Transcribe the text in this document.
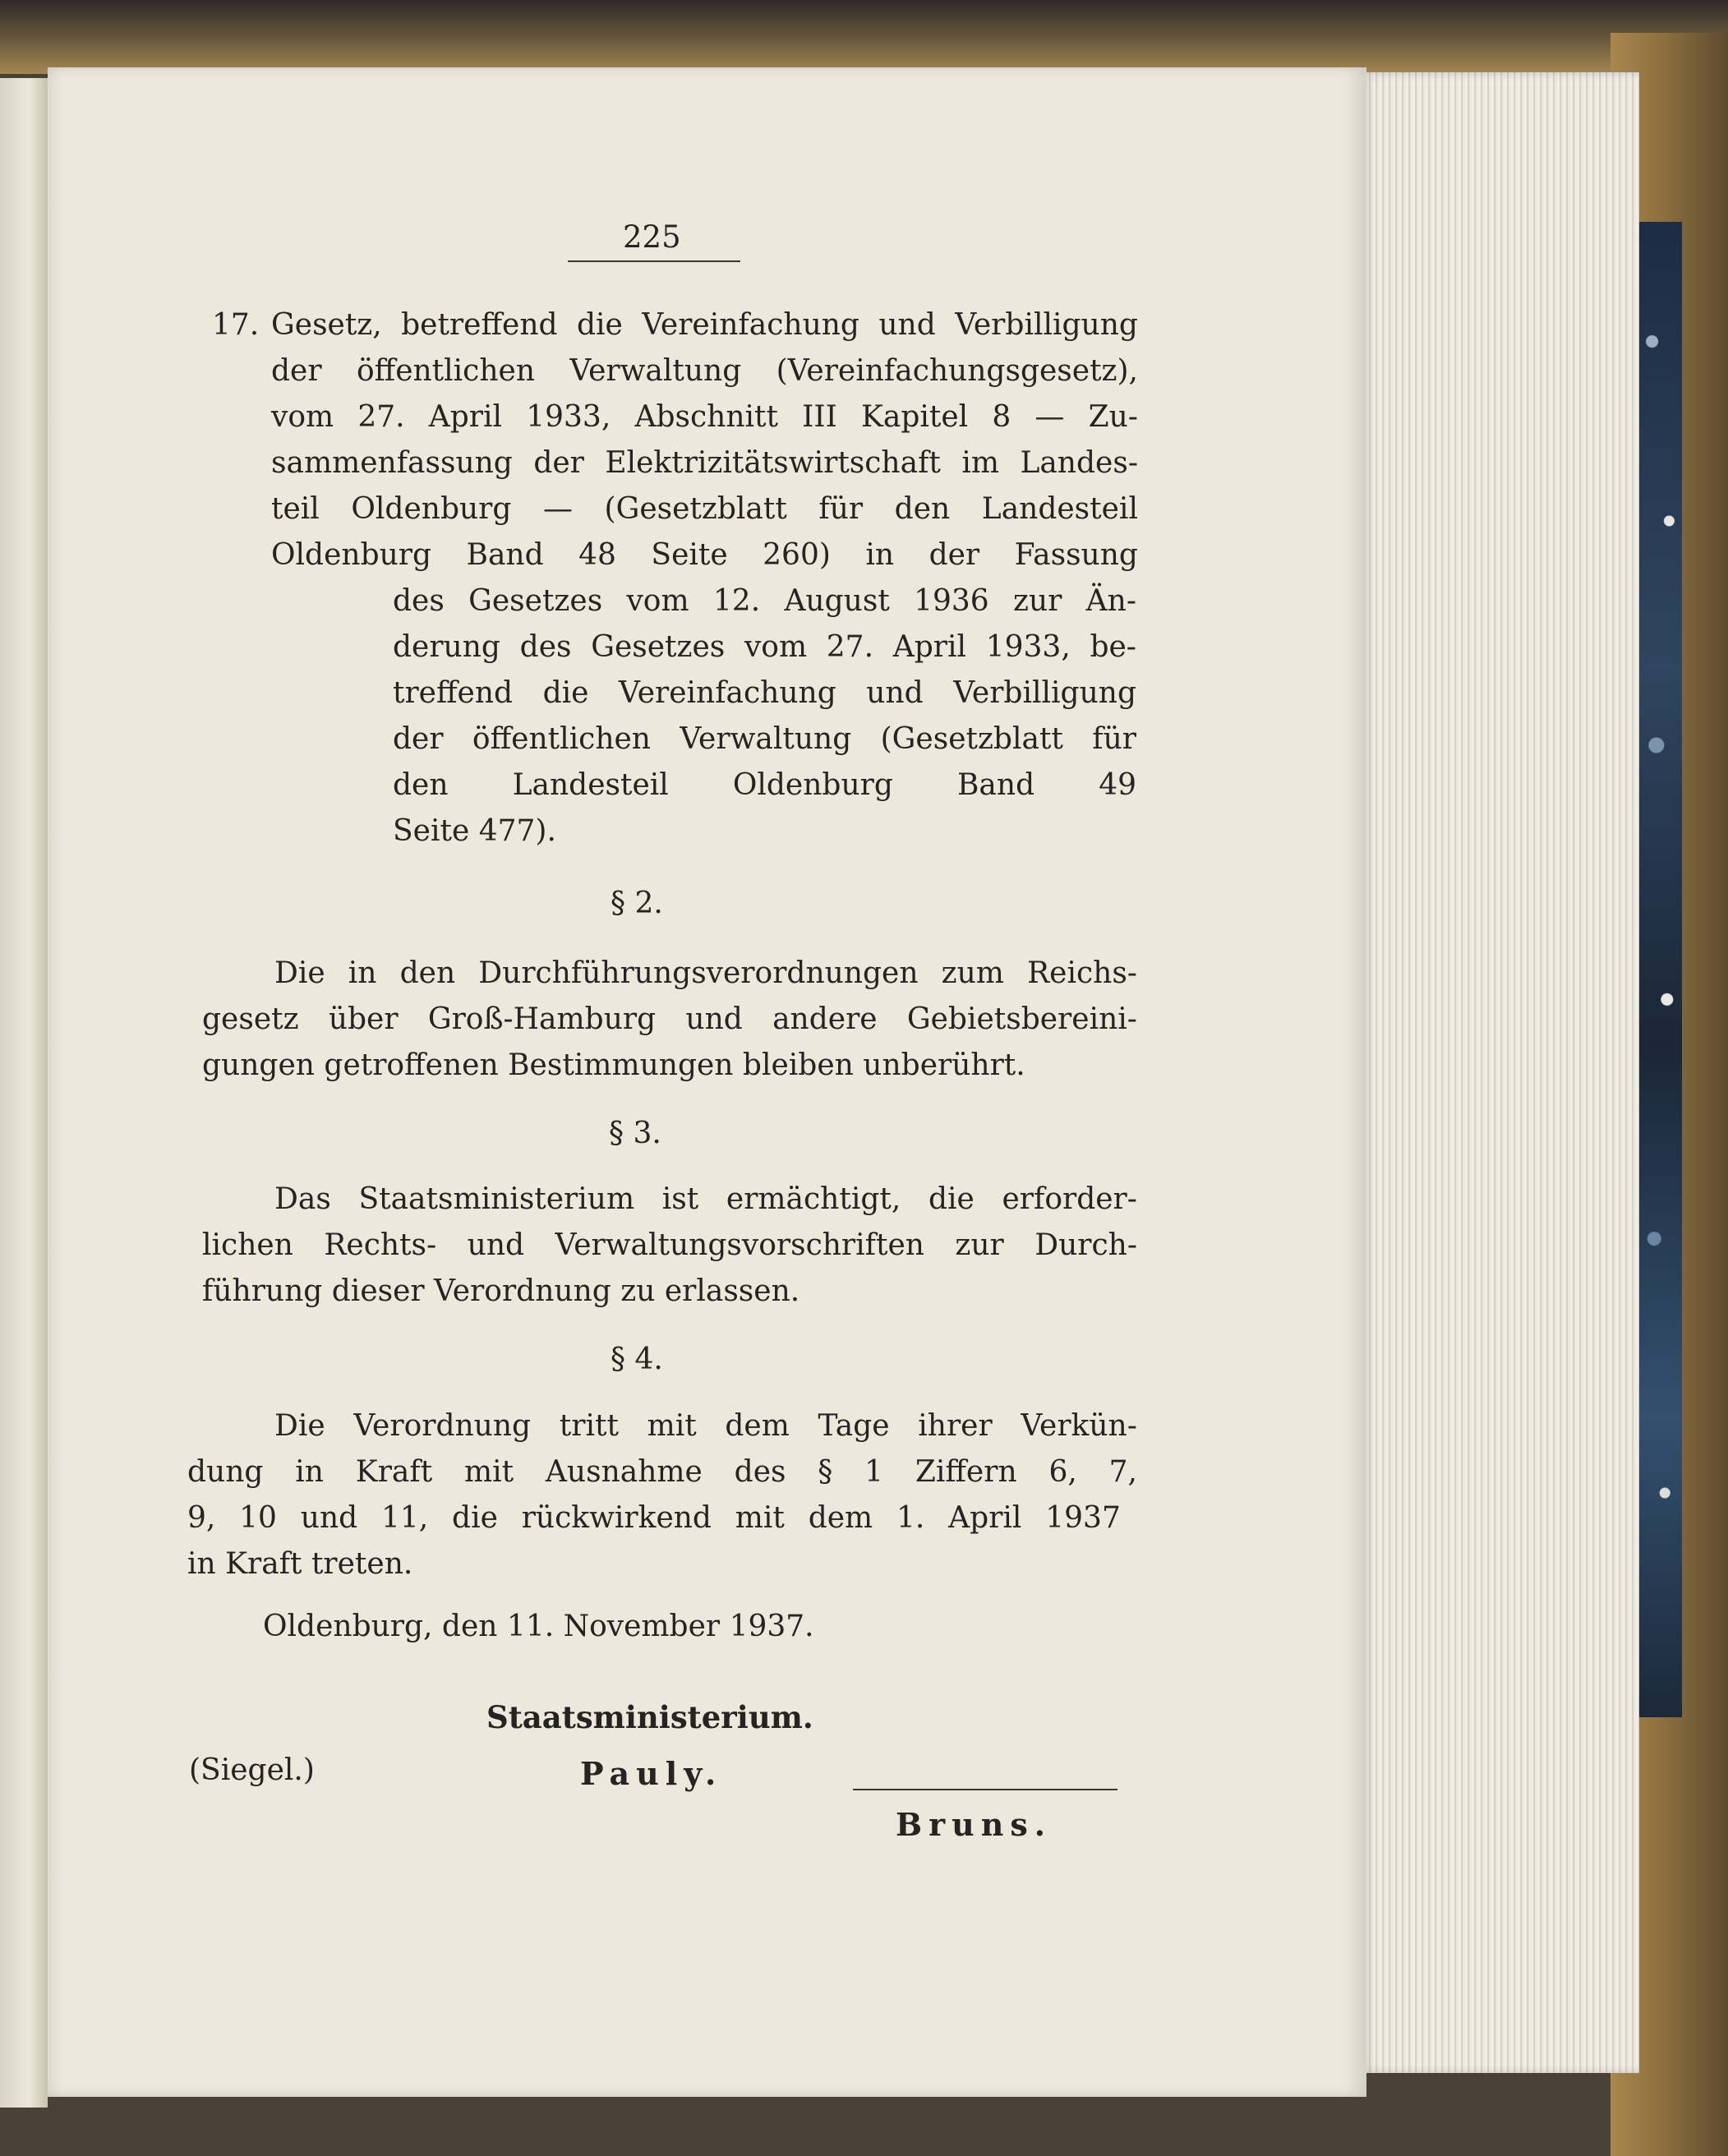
225
17. Gesetz, betreffend die Vereinfachung und Verbilligung
der öffentlichen Verwaltung (Vereinfachungsgesetz),
vom 27. April 1933, Abschnitt III Kapitel 8 — Zu-
sammenfassung der Elektrizitätswirtschaft im Landes-
teil Oldenburg — (Gesetzblatt für den Landesteil
Oldenburg Band 48 Seite 260) in der Fassung
des Gesetzes vom 12. August 1936 zur Än-
derung des Gesetzes vom 27. April 1933, be-
treffend die Vereinfachung und Verbilligung
der öffentlichen Verwaltung (Gesetzblatt für
den Landesteil Oldenburg Band 49
Seite 477).
§ 2.
Die in den Durchführungsverordnungen zum Reichs-
gesetz über Groß-Hamburg und andere Gebietsbereini-
gungen getroffenen Bestimmungen bleiben unberührt.
§ 3.
Das Staatsministerium ist ermächtigt, die erforder-
lichen Rechts- und Verwaltungsvorschriften zur Durch-
führung dieser Verordnung zu erlassen.
§ 4.
Die Verordnung tritt mit dem Tage ihrer Verkün-
dung in Kraft mit Ausnahme des § 1 Ziffern 6, 7,
9, 10 und 11, die rückwirkend mit dem 1. April 1937
in Kraft treten.
Oldenburg, den 11. November 1937.
Staatsministerium.
(Siegel.)	Pauly.
Bruns.
